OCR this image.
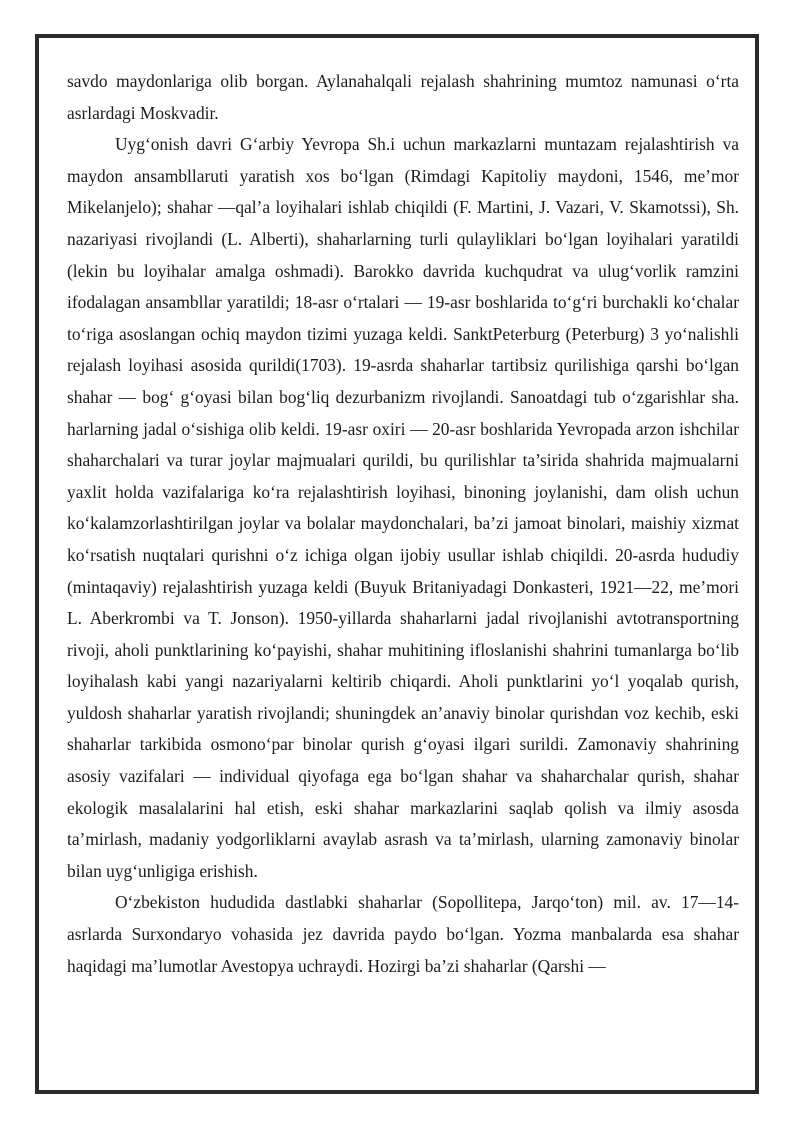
savdo maydonlariga olib borgan. Aylanahalqali rejalash shahrining mumtoz namunasi o‘rta asrlardagi Moskvadir.

Uyg‘onish davri G‘arbiy Yevropa Sh.i uchun markazlarni muntazam rejalashtirish va maydon ansambllaruti yaratish xos bo‘lgan (Rimdagi Kapitoliy maydoni, 1546, me’mor Mikelanjelo); shahar —qal’a loyihalari ishlab chiqildi (F. Martini, J. Vazari, V. Skamotssi), Sh. nazariyasi rivojlandi (L. Alberti), shaharlarning turli qulayliklari bo‘lgan loyihalari yaratildi (lekin bu loyihalar amalga oshmadi). Barokko davrida kuchqudrat va ulug‘vorlik ramzini ifodalagan ansambllar yaratildi; 18-asr o‘rtalari — 19-asr boshlarida to‘g‘ri burchakli ko‘chalar to‘riga asoslangan ochiq maydon tizimi yuzaga keldi. SanktPeterburg (Peterburg) 3 yo‘nalishli rejalash loyihasi asosida qurildi(1703). 19-asrda shaharlar tartibsiz qurilishiga qarshi bo‘lgan shahar — bog‘ g‘oyasi bilan bog‘liq dezurbanizm rivojlandi. Sanoatdagi tub o‘zgarishlar sha. harlarning jadal o‘sishiga olib keldi. 19-asr oxiri — 20-asr boshlarida Yevropada arzon ishchilar shaharchalari va turar joylar majmualari qurildi, bu qurilishlar ta’sirida shahrida majmualarni yaxlit holda vazifalariga ko‘ra rejalashtirish loyihasi, binoning joylanishi, dam olish uchun ko‘kalamzorlashtirilgan joylar va bolalar maydonchalari, ba’zi jamoat binolari, maishiy xizmat ko‘rsatish nuqtalari qurishni o‘z ichiga olgan ijobiy usullar ishlab chiqildi. 20-asrda hududiy (mintaqaviy) rejalashtirish yuzaga keldi (Buyuk Britaniyadagi Donkasteri, 1921—22, me’mori L. Aberkrombi va T. Jonson). 1950-yillarda shaharlarni jadal rivojlanishi avtotransportning rivoji, aholi punktlarining ko‘payishi, shahar muhitining ifloslanishi shahrini tumanlarga bo‘lib loyihalash kabi yangi nazariyalarni keltirib chiqardi. Aholi punktlarini yo‘l yoqalab qurish, yuldosh shaharlar yaratish rivojlandi; shuningdek an’anaviy binolar qurishdan voz kechib, eski shaharlar tarkibida osmono‘par binolar qurish g‘oyasi ilgari surildi. Zamonaviy shahrining asosiy vazifalari — individual qiyofaga ega bo‘lgan shahar va shaharchalar qurish, shahar ekologik masalalarini hal etish, eski shahar markazlarini saqlab qolish va ilmiy asosda ta’mirlash, madaniy yodgorliklarni avaylab asrash va ta’mirlash, ularning zamonaviy binolar bilan uyg‘unligiga erishish.

O‘zbekiston hududida dastlabki shaharlar (Sopollitepa, Jarqo‘ton) mil. av. 17—14-asrlarda Surxondaryo vohasida jez davrida paydo bo‘lgan. Yozma manbalarda esa shahar haqidagi ma’lumotlar Avestopya uchraydi. Hozirgi ba’zi shaharlar (Qarshi —
